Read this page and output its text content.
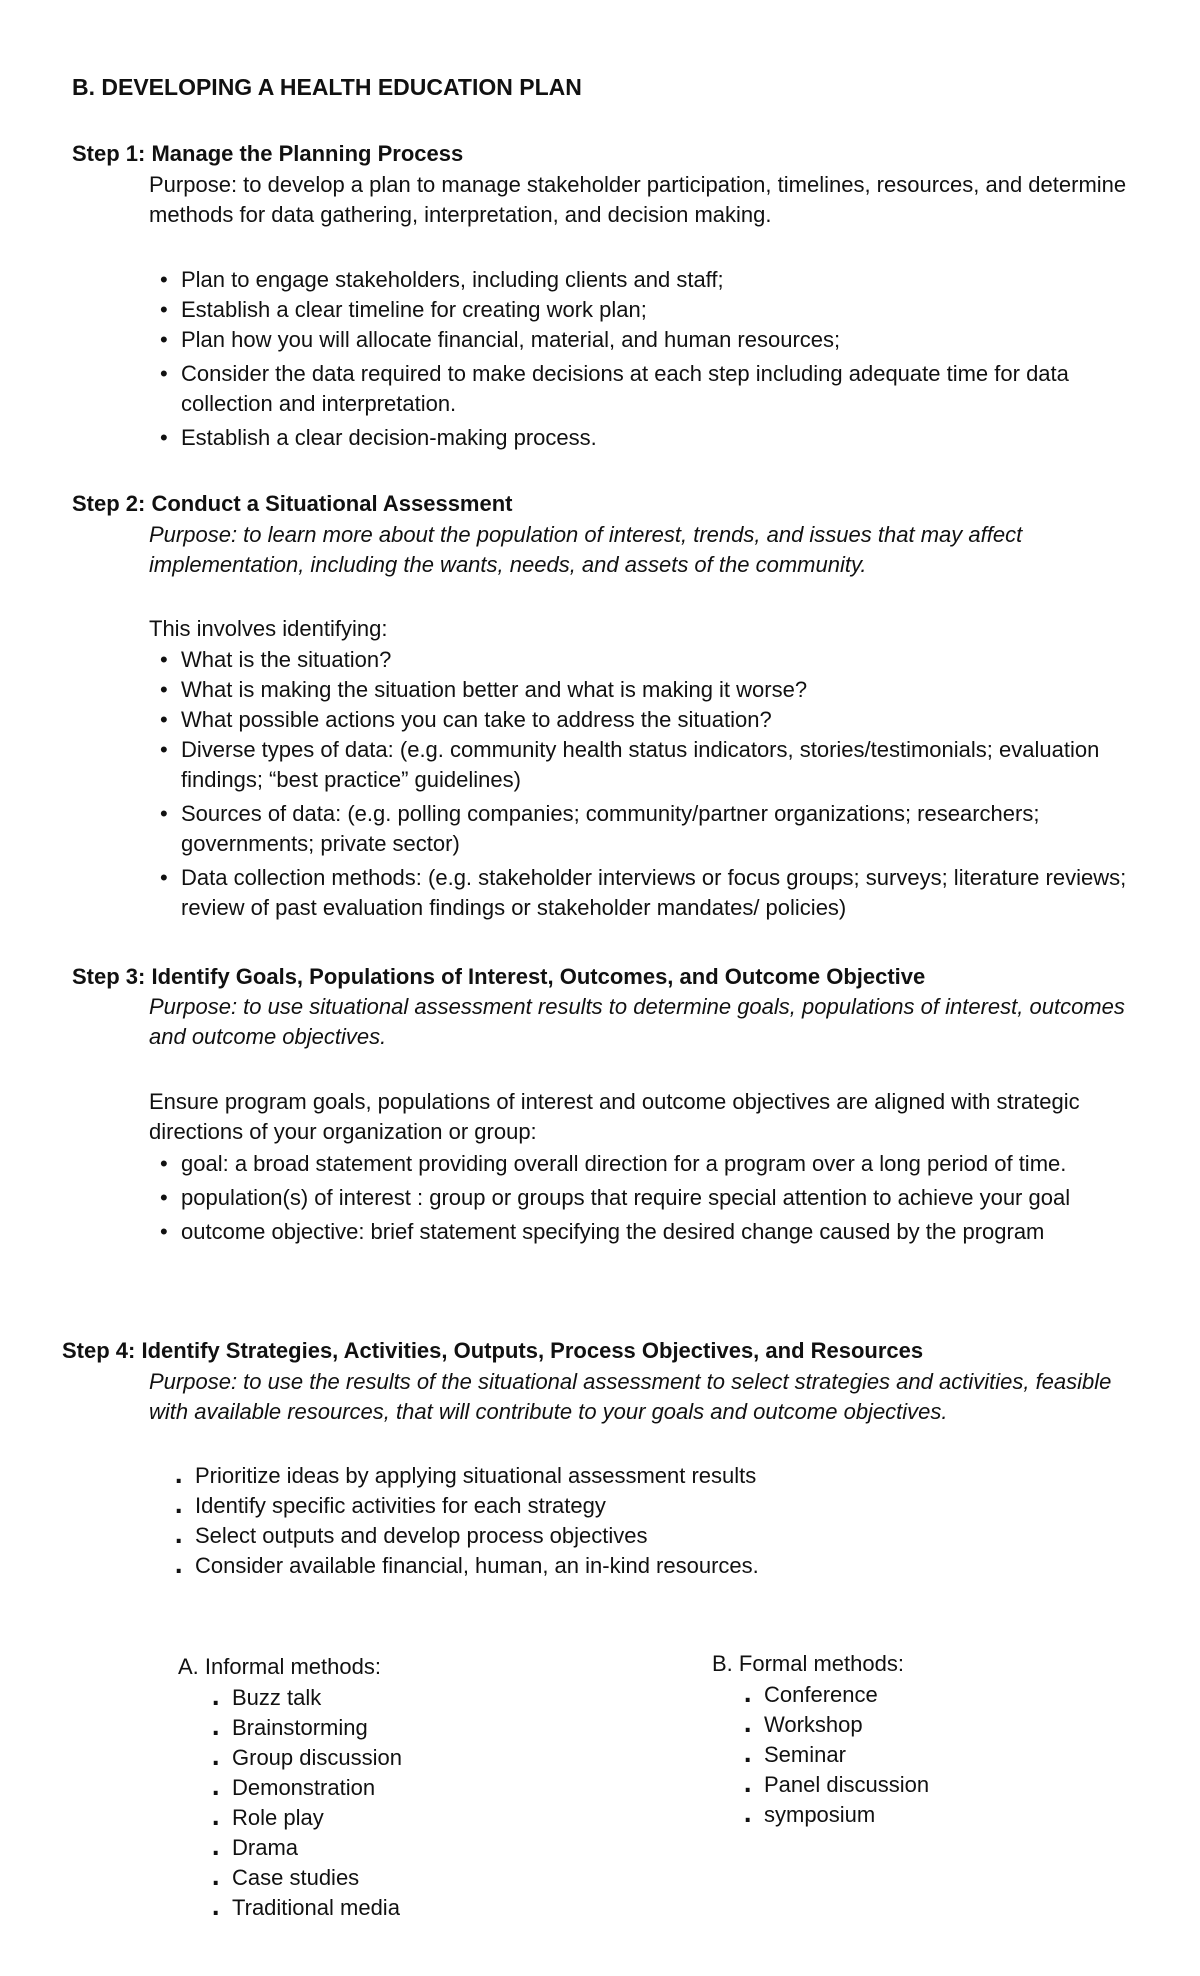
B. DEVELOPING A HEALTH EDUCATION PLAN
Step 1: Manage the Planning Process
Purpose: to develop a plan to manage stakeholder participation, timelines, resources, and determine methods for data gathering, interpretation, and decision making.
• Plan to engage stakeholders, including clients and staff;
• Establish a clear timeline for creating work plan;
• Plan how you will allocate financial, material, and human resources;
• Consider the data required to make decisions at each step including adequate time for data collection and interpretation.
• Establish a clear decision-making process.
Step 2: Conduct a Situational Assessment
Purpose: to learn more about the population of interest, trends, and issues that may affect implementation, including the wants, needs, and assets of the community.
This involves identifying:
• What is the situation?
• What is making the situation better and what is making it worse?
• What possible actions you can take to address the situation?
• Diverse types of data: (e.g. community health status indicators, stories/testimonials; evaluation findings; “best practice” guidelines)
• Sources of data: (e.g. polling companies; community/partner organizations; researchers; governments; private sector)
• Data collection methods: (e.g. stakeholder interviews or focus groups; surveys; literature reviews; review of past evaluation findings or stakeholder mandates/ policies)
Step 3: Identify Goals, Populations of Interest, Outcomes, and Outcome Objective
Purpose: to use situational assessment results to determine goals, populations of interest, outcomes and outcome objectives.
Ensure program goals, populations of interest and outcome objectives are aligned with strategic directions of your organization or group:
• goal: a broad statement providing overall direction for a program over a long period of time.
• population(s) of interest : group or groups that require special attention to achieve your goal
• outcome objective: brief statement specifying the desired change caused by the program
Step 4: Identify Strategies, Activities, Outputs, Process Objectives, and Resources
Purpose: to use the results of the situational assessment to select strategies and activities, feasible with available resources, that will contribute to your goals and outcome objectives.
․ Prioritize ideas by applying situational assessment results
․ Identify specific activities for each strategy
․ Select outputs and develop process objectives
․ Consider available financial, human, an in-kind resources.
A. Informal methods:
․ Buzz talk
․ Brainstorming
․ Group discussion
․ Demonstration
․ Role play
․ Drama
․ Case studies
․ Traditional media
B. Formal methods:
․ Conference
․ Workshop
․ Seminar
․ Panel discussion
․ symposium
